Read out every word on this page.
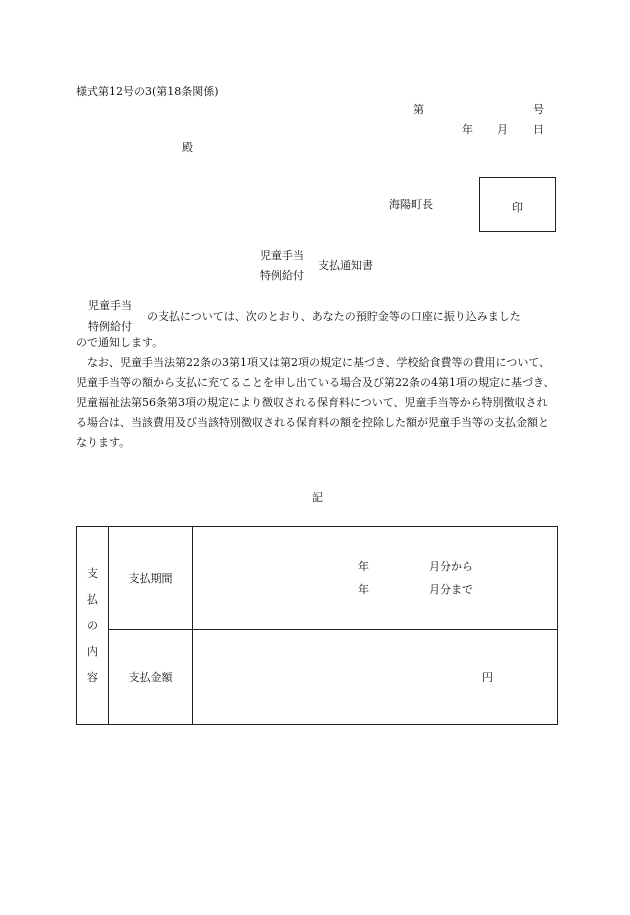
様式第12号の3(第18条関係)
第	号
年 月 日
殿
海陽町長	印
児童手当
特例給付
支払通知書
児童手当
特例給付
の支払については、次のとおり、あなたの預貯金等の口座に振り込みました

ので通知します。

なお、児童手当法第22条の3第1項又は第2項の規定に基づき、学校給食費等の費用について、児童手当等の額から支払に充てることを申し出ている場合及び第22条の4第1項の規定に基づき、児童福祉法第56条第3項の規定により徴収される保育料について、児童手当等から特別徴収される場合は、当該費用及び当該特別徴収される保育料の額を控除した額が児童手当等の支払金額となります。

記
支
払
の
内
容	支払期間	年 月分から
年 月分まで

	支払金額	円
